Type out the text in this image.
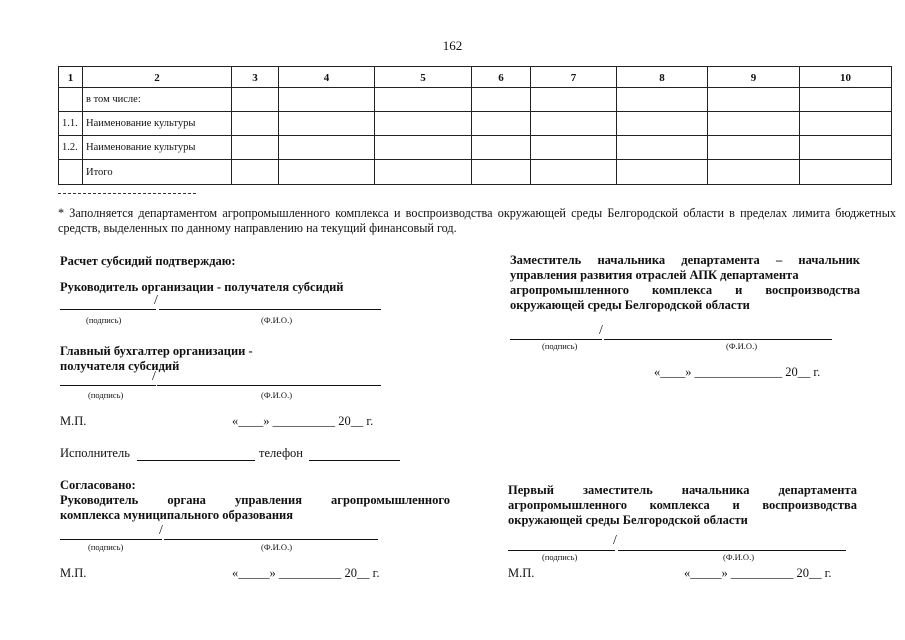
162
1	2	3	4	5	6	7	8	9	10
	в том числе:								
1.1.	Наименование культуры								
1.2.	Наименование культуры								
	Итого								
* Заполняется департаментом агропромышленного комплекса и воспроизводства окружающей среды Белгородской области в пределах лимита бюджетных средств, выделенных по данному направлению на текущий финансовый год.
Расчет субсидий подтверждаю:
Руководитель организации - получателя субсидий
/
(подпись)	(Ф.И.О.)
Главный бухгалтер организации -
получателя субсидий
/
(подпись)	(Ф.И.О.)
М.П.	«____» __________ 20__ г.
Исполнитель	телефон
Согласовано:
Руководитель органа управления агропромышленного
комплекса муниципального образования
/
(подпись)	(Ф.И.О.)
М.П.	«_____» __________ 20__ г.
Заместитель начальника департамента – начальник
управления развития отраслей АПК департамента
агропромышленного комплекса и воспроизводства
окружающей среды Белгородской области
/
(подпись)	(Ф.И.О.)
«____» ______________ 20__ г.
Первый заместитель начальника департамента
агропромышленного комплекса и воспроизводства
окружающей среды Белгородской области
/
(подпись)	(Ф.И.О.)
М.П.	«_____» __________ 20__ г.
